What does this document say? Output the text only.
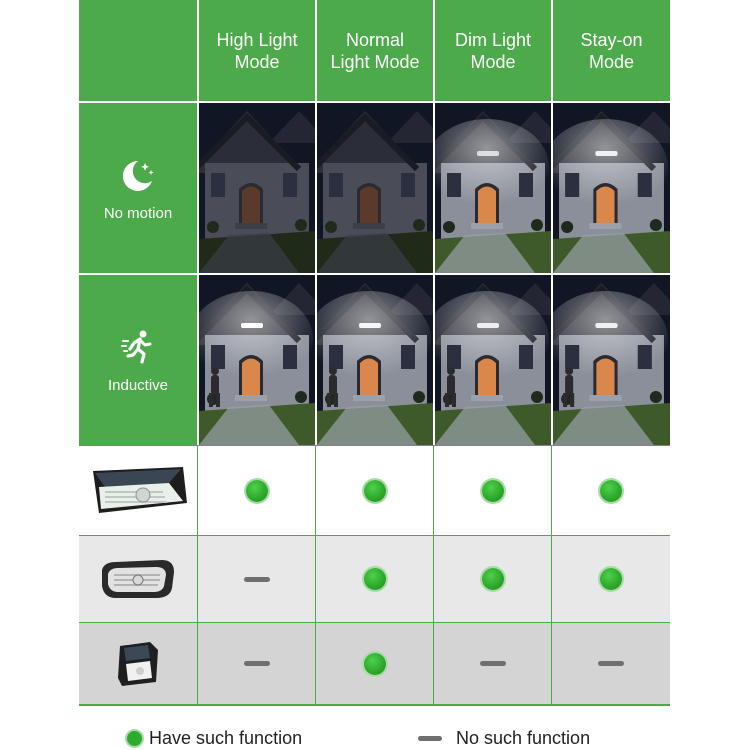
High Light
Mode
Normal
Light Mode
Dim Light
Mode
Stay-on
Mode
No motion
Inductive
Have such function	No such function
